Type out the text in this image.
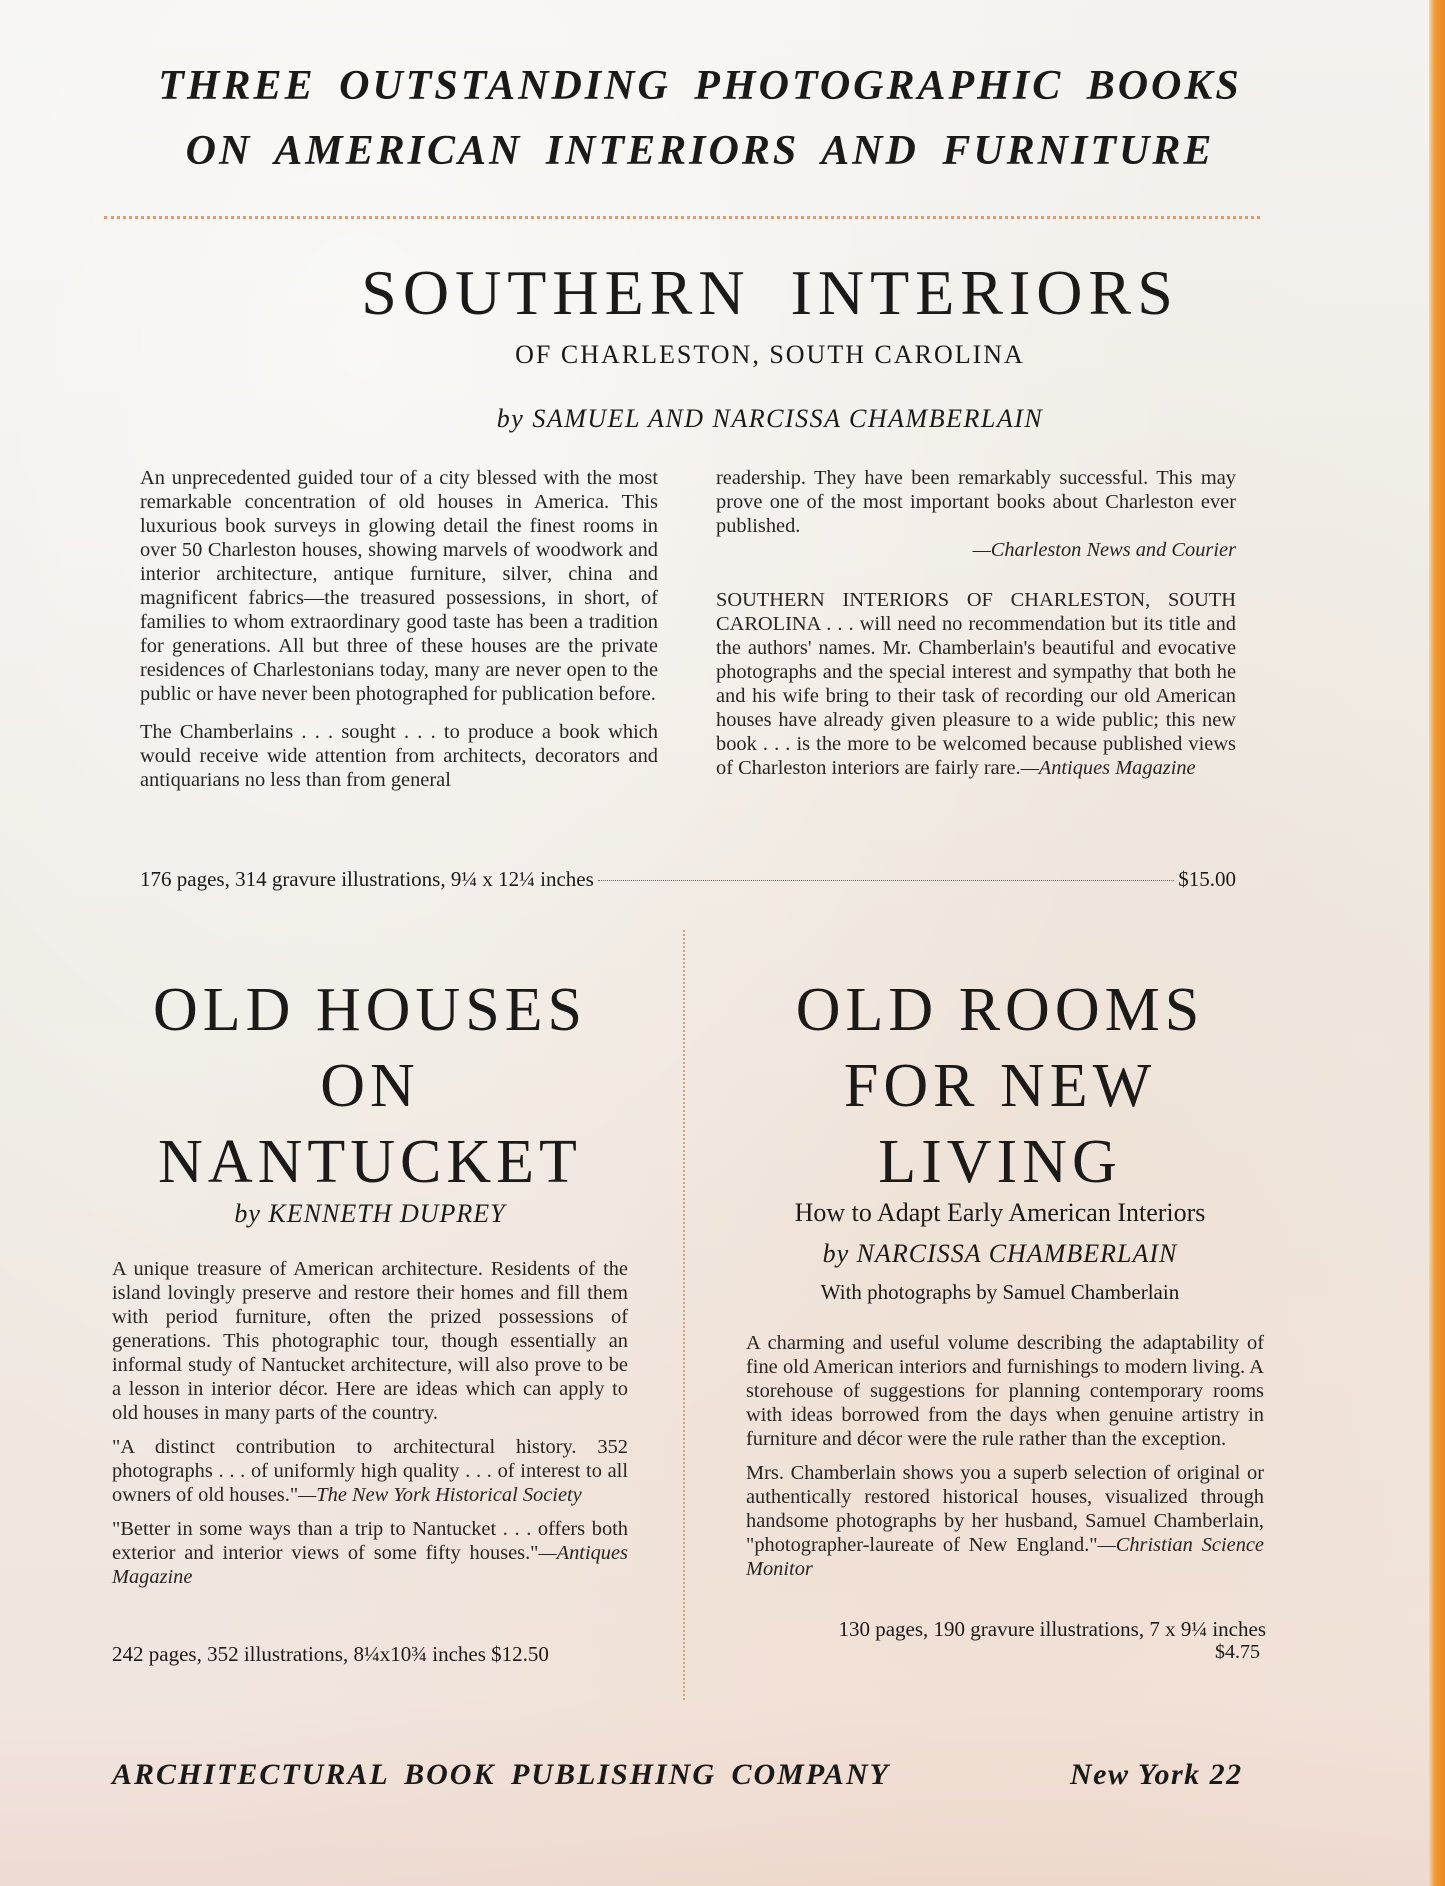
THREE OUTSTANDING PHOTOGRAPHIC BOOKS
ON AMERICAN INTERIORS AND FURNITURE
SOUTHERN INTERIORS
OF CHARLESTON, SOUTH CAROLINA
by SAMUEL AND NARCISSA CHAMBERLAIN

An unprecedented guided tour of a city blessed with the most remarkable concentration of old houses in America. This luxurious book surveys in glowing detail the finest rooms in over 50 Charleston houses, showing marvels of woodwork and interior architecture, antique furniture, silver, china and magnificent fabrics—the treasured possessions, in short, of families to whom extraordinary good taste has been a tradition for generations. All but three of these houses are the private residences of Charlestonians today, many are never open to the public or have never been photographed for publication before.

The Chamberlains . . . sought . . . to produce a book which would receive wide attention from architects, decorators and antiquarians no less than from general

readership. They have been remarkably successful. This may prove one of the most important books about Charleston ever published.

—Charleston News and Courier

SOUTHERN INTERIORS OF CHARLESTON, SOUTH CAROLINA . . . will need no recommendation but its title and the authors' names. Mr. Chamberlain's beautiful and evocative photographs and the special interest and sympathy that both he and his wife bring to their task of recording our old American houses have already given pleasure to a wide public; this new book . . . is the more to be welcomed because published views of Charleston interiors are fairly rare.—Antiques Magazine

176 pages, 314 gravure illustrations, 9¼ x 12¼ inches	$15.00
OLD HOUSES
ON
NANTUCKET
by KENNETH DUPREY

A unique treasure of American architecture. Residents of the island lovingly preserve and restore their homes and fill them with period furniture, often the prized possessions of generations. This photographic tour, though essentially an informal study of Nantucket architecture, will also prove to be a lesson in interior décor. Here are ideas which can apply to old houses in many parts of the country.

"A distinct contribution to architectural history. 352 photographs . . . of uniformly high quality . . . of interest to all owners of old houses."—The New York Historical Society

"Better in some ways than a trip to Nantucket . . . offers both exterior and interior views of some fifty houses."—Antiques Magazine

242 pages, 352 illustrations, 8¼x10¾ inches $12.50
OLD ROOMS
FOR NEW
LIVING
How to Adapt Early American Interiors
by NARCISSA CHAMBERLAIN
With photographs by Samuel Chamberlain

A charming and useful volume describing the adaptability of fine old American interiors and furnishings to modern living. A storehouse of suggestions for planning contemporary rooms with ideas borrowed from the days when genuine artistry in furniture and décor were the rule rather than the exception.

Mrs. Chamberlain shows you a superb selection of original or authentically restored historical houses, visualized through handsome photographs by her husband, Samuel Chamberlain, "photographer-laureate of New England."—Christian Science Monitor

130 pages, 190 gravure illustrations, 7 x 9¼ inches
$4.75
ARCHITECTURAL BOOK PUBLISHING COMPANY	New York 22
